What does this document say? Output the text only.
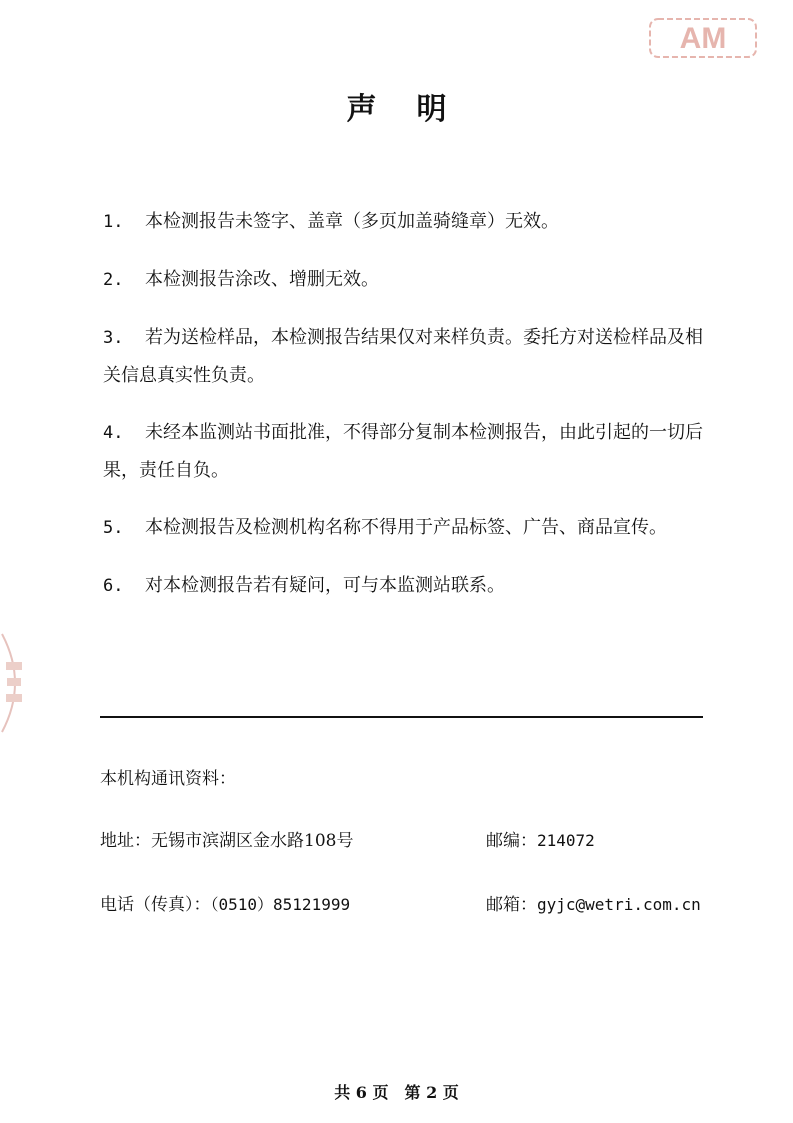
AM
声明
1. 本检测报告未签字、盖章（多页加盖骑缝章）无效。
2. 本检测报告涂改、增删无效。
3. 若为送检样品，本检测报告结果仅对来样负责。委托方对送检样品及相关信息真实性负责。
4. 未经本监测站书面批准，不得部分复制本检测报告，由此引起的一切后果，责任自负。
5. 本检测报告及检测机构名称不得用于产品标签、广告、商品宣传。
6. 对本检测报告若有疑问，可与本监测站联系。
本机构通讯资料：
地址：无锡市滨湖区金水路108号	邮编：214072
电话（传真）：（0510）85121999	邮箱：gyjc@wetri.com.cn
共 6 页　第 2 页
